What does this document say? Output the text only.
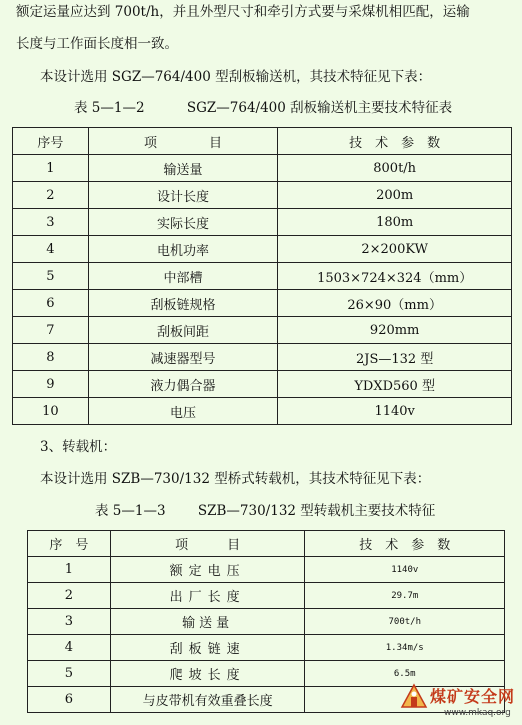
额定运量应达到 700t/h，并且外型尺寸和牵引方式要与采煤机相匹配，运输
长度与工作面长度相一致。
本设计选用 SGZ—764/400 型刮板输送机，其技术特征见下表：
表 5—1—2	SGZ—764/400 刮板输送机主要技术特征表
序号	项　　　　目	技　术　参　数
1	输送量	800t/h
2	设计长度	200m
3	实际长度	180m
4	电机功率	2×200KW
5	中部槽	1503×724×324（mm）
6	刮板链规格	26×90（mm）
7	刮板间距	920mm
8	减速器型号	2JS—132 型
9	液力偶合器	YDXD560 型
10	电压	1140v
3、转载机：
本设计选用 SZB—730/132 型桥式转载机，其技术特征见下表：
表 5—1—3 SZB—730/132 型转载机主要技术特征
序　号	项　　　目	技　术　参　数
1	额定电压	1140v
2	出厂长度	29.7m
3	输送量	700t/h
4	刮板链速	1.34m/s
5	爬坡长度	6.5m
6	与皮带机有效重叠长度		煤矿安全网
www.mkaq.org
